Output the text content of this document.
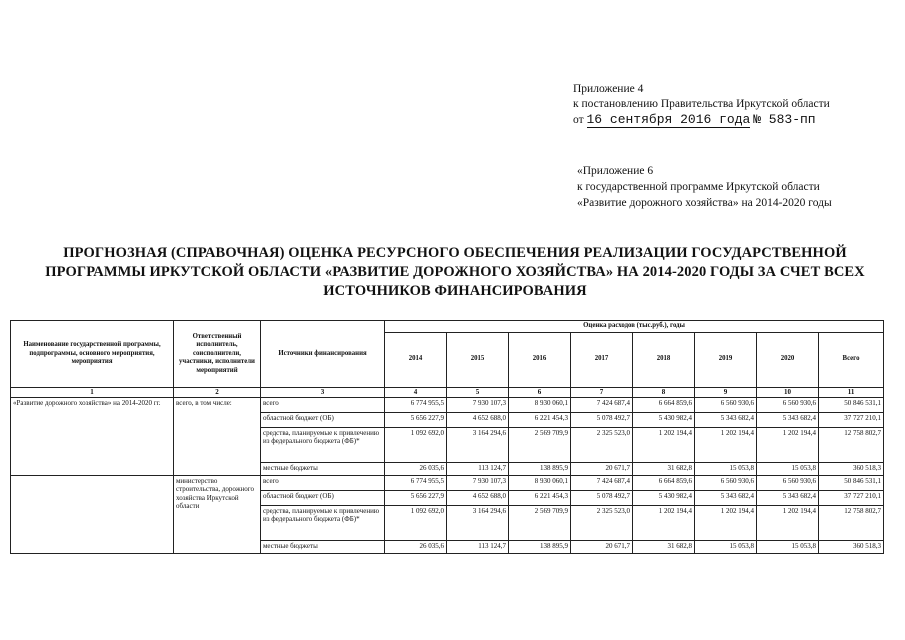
Приложение 4
к постановлению Правительства Иркутской области
от 16 сентября 2016 года № 583-пп
«Приложение 6
к государственной программе Иркутской области
«Развитие дорожного хозяйства» на 2014-2020 годы
ПРОГНОЗНАЯ (СПРАВОЧНАЯ) ОЦЕНКА РЕСУРСНОГО ОБЕСПЕЧЕНИЯ РЕАЛИЗАЦИИ ГОСУДАРСТВЕННОЙ
ПРОГРАММЫ ИРКУТСКОЙ ОБЛАСТИ «РАЗВИТИЕ ДОРОЖНОГО ХОЗЯЙСТВА» НА 2014-2020 ГОДЫ ЗА СЧЕТ ВСЕХ
ИСТОЧНИКОВ ФИНАНСИРОВАНИЯ
Наименование государственной программы, подпрограммы, основного мероприятия, мероприятия	Ответственный исполнитель, соисполнители, участники, исполнители мероприятий	Источники финансирования	Оценка расходов (тыс.руб.), годы							
			2014	2015	2016	2017	2018	2019	2020	Всего
1	2	3	4	5	6	7	8	9	10	11
«Развитие дорожного хозяйства» на 2014-2020 гг.	всего, в том числе:	всего	6 774 955,5	7 930 107,3	8 930 060,1	7 424 687,4	6 664 859,6	6 560 930,6	6 560 930,6	50 846 531,1
		областной бюджет (ОБ)	5 656 227,9	4 652 688,0	6 221 454,3	5 078 492,7	5 430 982,4	5 343 682,4	5 343 682,4	37 727 210,1
		средства, планируемые к привлечению из федерального бюджета (ФБ)*	1 092 692,0	3 164 294,6	2 569 709,9	2 325 523,0	1 202 194,4	1 202 194,4	1 202 194,4	12 758 802,7
		местные бюджеты	26 035,6	113 124,7	138 895,9	20 671,7	31 682,8	15 053,8	15 053,8	360 518,3
	министерство строительства, дорожного хозяйства Иркутской области	всего	6 774 955,5	7 930 107,3	8 930 060,1	7 424 687,4	6 664 859,6	6 560 930,6	6 560 930,6	50 846 531,1
		областной бюджет (ОБ)	5 656 227,9	4 652 688,0	6 221 454,3	5 078 492,7	5 430 982,4	5 343 682,4	5 343 682,4	37 727 210,1
		средства, планируемые к привлечению из федерального бюджета (ФБ)*	1 092 692,0	3 164 294,6	2 569 709,9	2 325 523,0	1 202 194,4	1 202 194,4	1 202 194,4	12 758 802,7
		местные бюджеты	26 035,6	113 124,7	138 895,9	20 671,7	31 682,8	15 053,8	15 053,8	360 518,3
